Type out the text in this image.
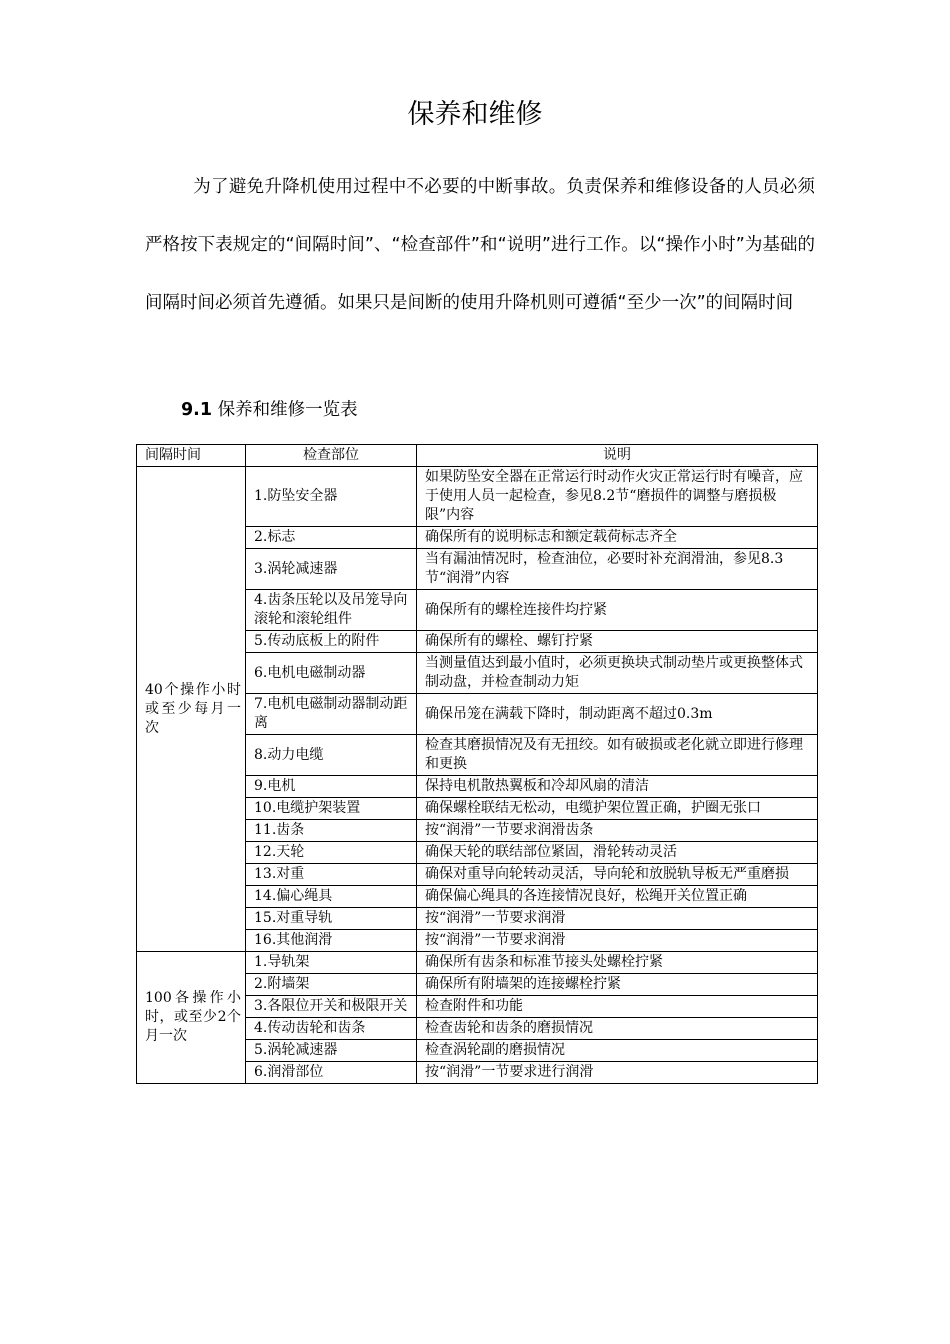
保养和维修

为了避免升降机使用过程中不必要的中断事故。负责保养和维修设备的人员必须严格按下表规定的“间隔时间”、“检查部件”和“说明”进行工作。以“操作小时”为基础的间隔时间必须首先遵循。如果只是间断的使用升降机则可遵循“至少一次”的间隔时间

9.1 保养和维修一览表
间隔时间	检查部位	说明
40个操作小时或至少每月一次	1.防坠安全器	如果防坠安全器在正常运行时动作火灾正常运行时有噪音，应于使用人员一起检查，参见8.2节“磨损件的调整与磨损极限”内容
	2.标志	确保所有的说明标志和额定载荷标志齐全
	3.涡轮减速器	当有漏油情况时，检查油位，必要时补充润滑油，参见8.3节“润滑”内容
	4.齿条压轮以及吊笼导向滚轮和滚轮组件	确保所有的螺栓连接件均拧紧
	5.传动底板上的附件	确保所有的螺栓、螺钉拧紧
	6.电机电磁制动器	当测量值达到最小值时，必须更换块式制动垫片或更换整体式制动盘，并检查制动力矩
	7.电机电磁制动器制动距离	确保吊笼在满载下降时，制动距离不超过0.3m
	8.动力电缆	检查其磨损情况及有无扭绞。如有破损或老化就立即进行修理和更换
	9.电机	保持电机散热翼板和冷却风扇的清洁
	10.电缆护架装置	确保螺栓联结无松动，电缆护架位置正确，护圈无张口
	11.齿条	按“润滑”一节要求润滑齿条
	12.天轮	确保天轮的联结部位紧固，滑轮转动灵活
	13.对重	确保对重导向轮转动灵活，导向轮和放脱轨导板无严重磨损
	14.偏心绳具	确保偏心绳具的各连接情况良好，松绳开关位置正确
	15.对重导轨	按“润滑”一节要求润滑
	16.其他润滑	按“润滑”一节要求润滑
100各操作小时，或至少2个月一次	1.导轨架	确保所有齿条和标准节接头处螺栓拧紧
	2.附墙架	确保所有附墙架的连接螺栓拧紧
	3.各限位开关和极限开关	检查附件和功能
	4.传动齿轮和齿条	检查齿轮和齿条的磨损情况
	5.涡轮减速器	检查涡轮副的磨损情况
	6.润滑部位	按“润滑”一节要求进行润滑
